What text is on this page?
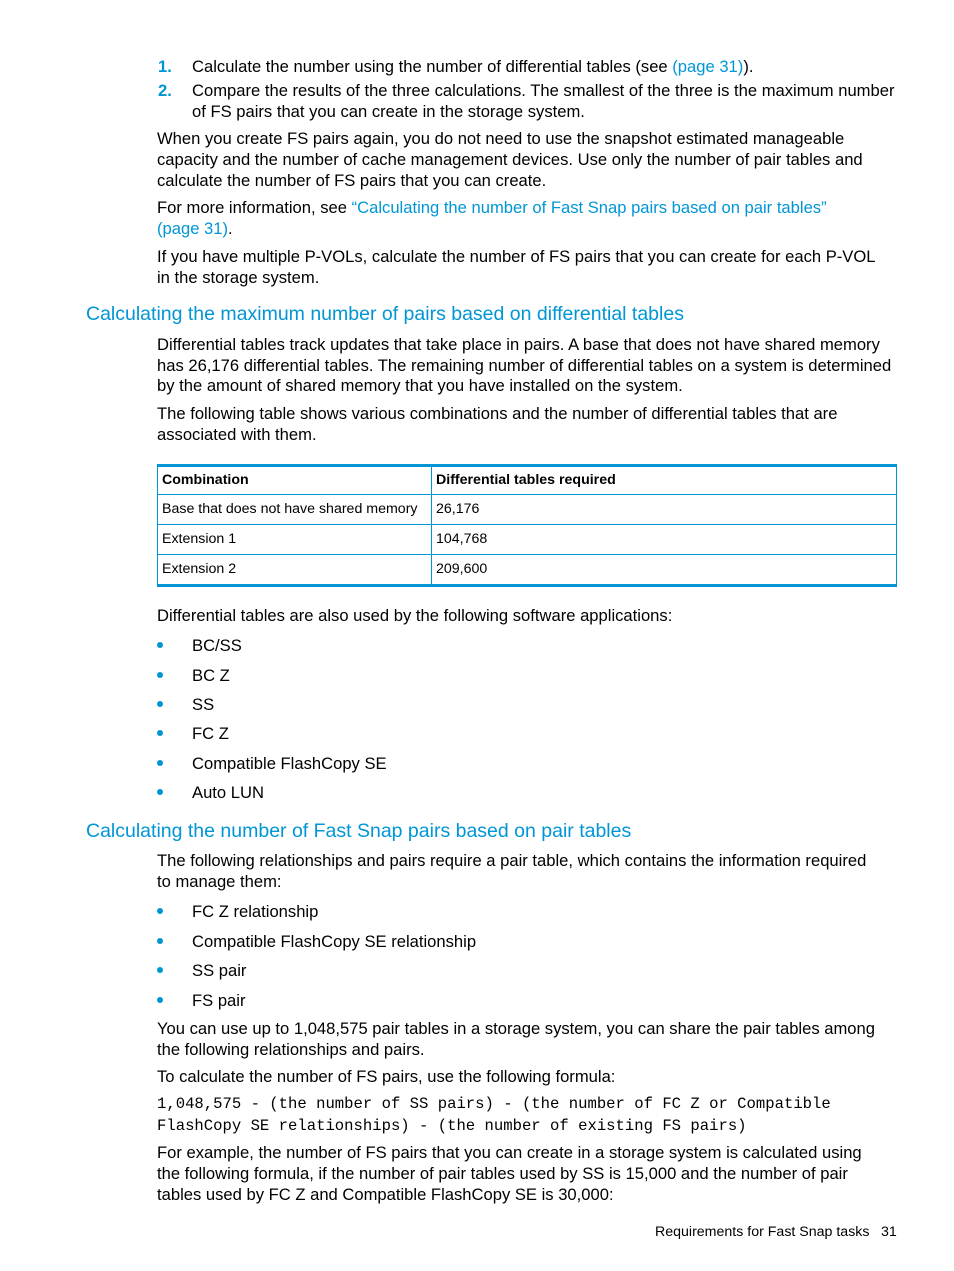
1.	Calculate the number using the number of differential tables (see (page 31)).
2.	Compare the results of the three calculations. The smallest of the three is the maximum number
of FS pairs that you can create in the storage system.
When you create FS pairs again, you do not need to use the snapshot estimated manageable
capacity and the number of cache management devices. Use only the number of pair tables and
calculate the number of FS pairs that you can create.
For more information, see “Calculating the number of Fast Snap pairs based on pair tables”
(page 31).
If you have multiple P-VOLs, calculate the number of FS pairs that you can create for each P-VOL
in the storage system.
Calculating the maximum number of pairs based on differential tables
Differential tables track updates that take place in pairs. A base that does not have shared memory
has 26,176 differential tables. The remaining number of differential tables on a system is determined
by the amount of shared memory that you have installed on the system.
The following table shows various combinations and the number of differential tables that are
associated with them.
Combination	Differential tables required
Base that does not have shared memory	26,176
Extension 1	104,768
Extension 2	209,600
Differential tables are also used by the following software applications:
BC/SS
BC Z
SS
FC Z
Compatible FlashCopy SE
Auto LUN
Calculating the number of Fast Snap pairs based on pair tables
The following relationships and pairs require a pair table, which contains the information required
to manage them:
FC Z relationship
Compatible FlashCopy SE relationship
SS pair
FS pair
You can use up to 1,048,575 pair tables in a storage system, you can share the pair tables among
the following relationships and pairs.
To calculate the number of FS pairs, use the following formula:
1,048,575 - (the number of SS pairs) - (the number of FC Z or Compatible
FlashCopy SE relationships) - (the number of existing FS pairs)
For example, the number of FS pairs that you can create in a storage system is calculated using
the following formula, if the number of pair tables used by SS is 15,000 and the number of pair
tables used by FC Z and Compatible FlashCopy SE is 30,000:
Requirements for Fast Snap tasks 31
